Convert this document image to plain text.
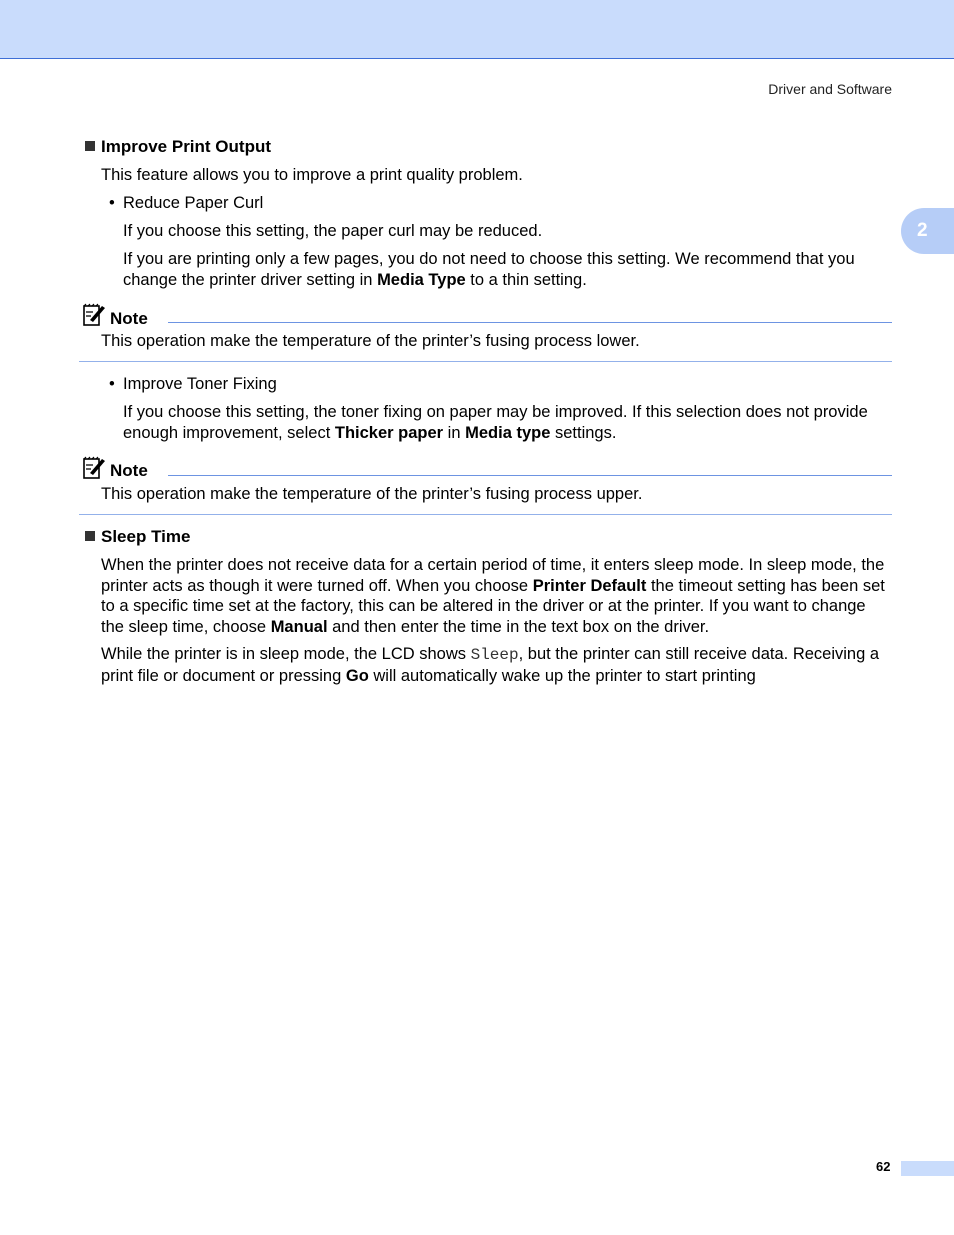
Driver and Software
2
Improve Print Output
This feature allows you to improve a print quality problem.
• Reduce Paper Curl
If you choose this setting, the paper curl may be reduced.
If you are printing only a few pages, you do not need to choose this setting. We recommend that you change the printer driver setting in Media Type to a thin setting.
Note
This operation make the temperature of the printer’s fusing process lower.
• Improve Toner Fixing
If you choose this setting, the toner fixing on paper may be improved. If this selection does not provide enough improvement, select Thicker paper in Media type settings.
Note
This operation make the temperature of the printer’s fusing process upper.
Sleep Time
When the printer does not receive data for a certain period of time, it enters sleep mode. In sleep mode, the printer acts as though it were turned off. When you choose Printer Default the timeout setting has been set to a specific time set at the factory, this can be altered in the driver or at the printer. If you want to change the sleep time, choose Manual and then enter the time in the text box on the driver.
While the printer is in sleep mode, the LCD shows Sleep, but the printer can still receive data. Receiving a print file or document or pressing Go will automatically wake up the printer to start printing
62
